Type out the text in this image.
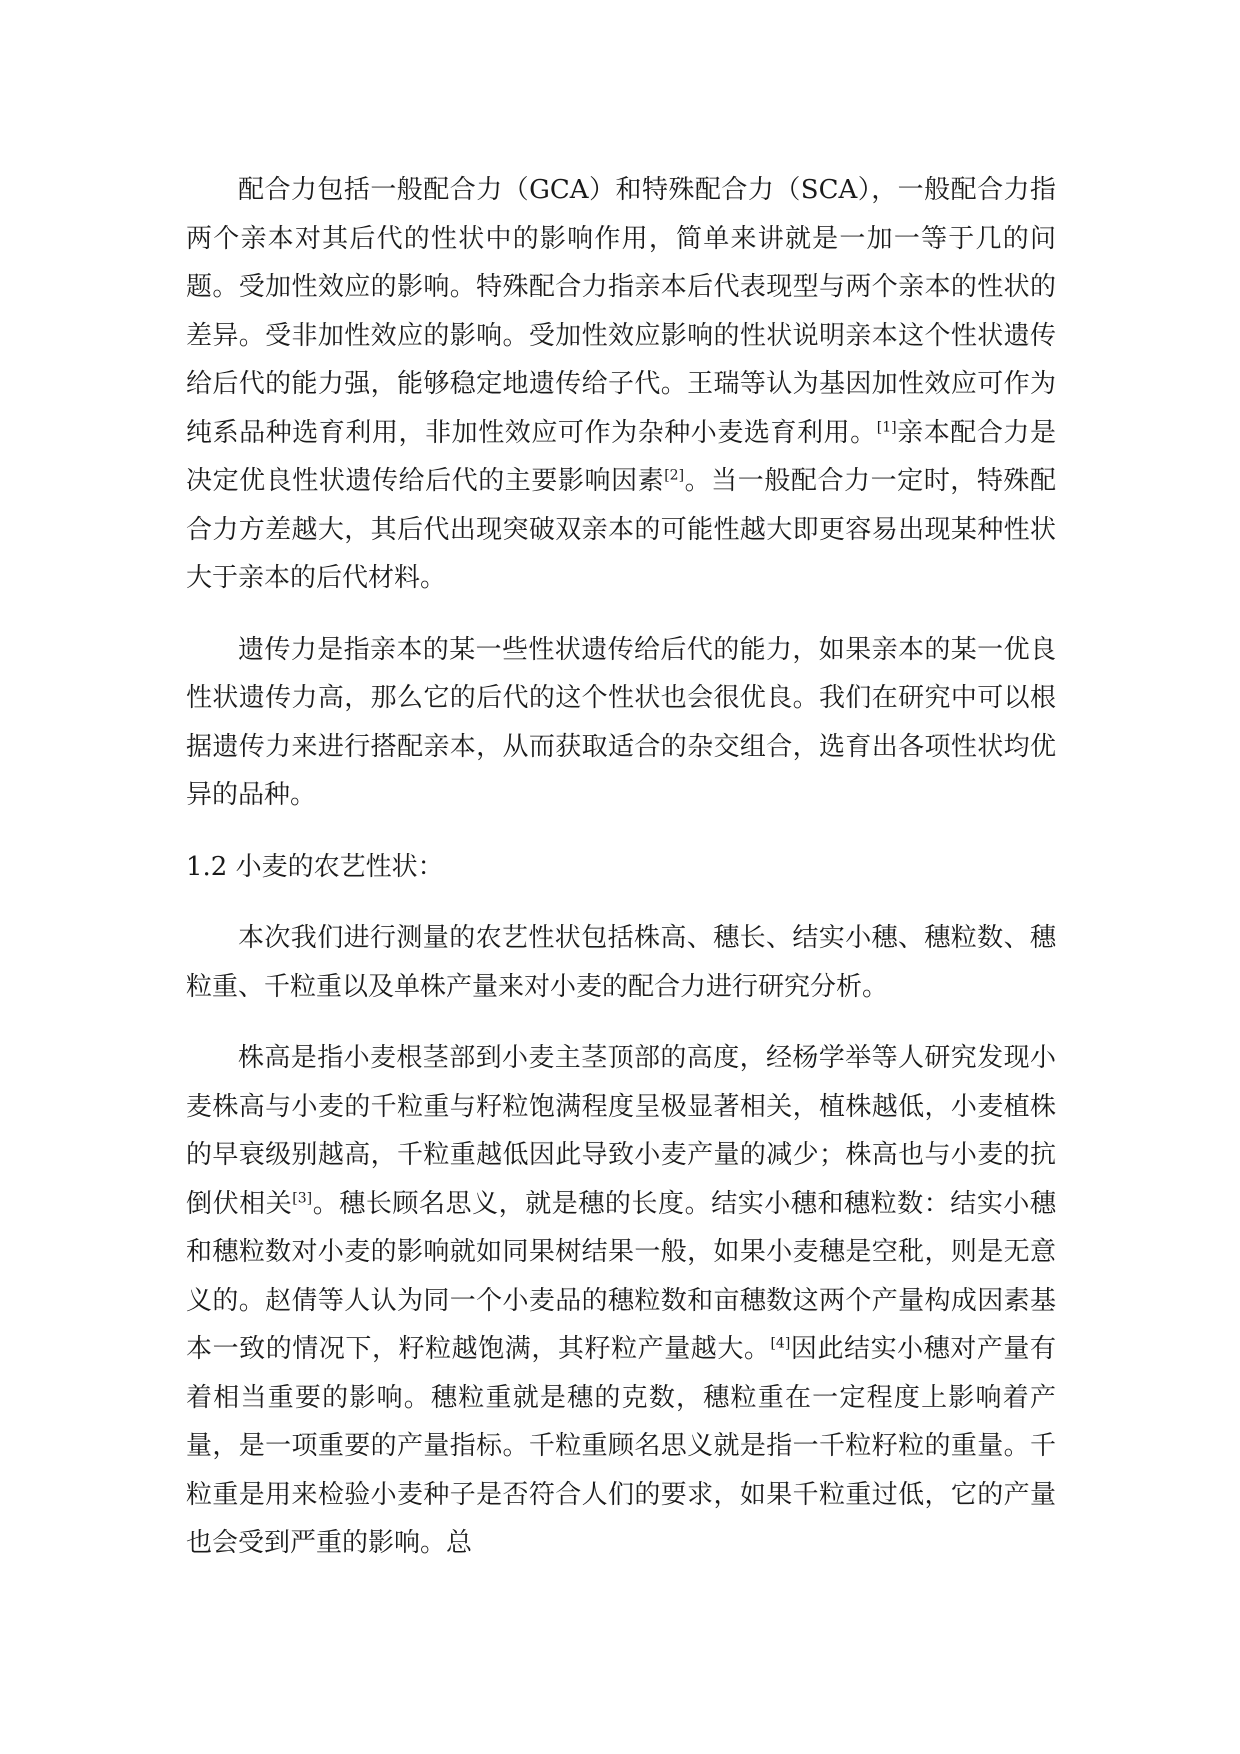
配合力包括一般配合力（GCA）和特殊配合力（SCA），一般配合力指两个亲本对其后代的性状中的影响作用，简单来讲就是一加一等于几的问题。受加性效应的影响。特殊配合力指亲本后代表现型与两个亲本的性状的差异。受非加性效应的影响。受加性效应影响的性状说明亲本这个性状遗传给后代的能力强，能够稳定地遗传给子代。王瑞等认为基因加性效应可作为纯系品种选育利用，非加性效应可作为杂种小麦选育利用。[1]亲本配合力是决定优良性状遗传给后代的主要影响因素[2]。当一般配合力一定时，特殊配合力方差越大，其后代出现突破双亲本的可能性越大即更容易出现某种性状大于亲本的后代材料。

遗传力是指亲本的某一些性状遗传给后代的能力，如果亲本的某一优良性状遗传力高，那么它的后代的这个性状也会很优良。我们在研究中可以根据遗传力来进行搭配亲本，从而获取适合的杂交组合，选育出各项性状均优异的品种。

1.2 小麦的农艺性状：

本次我们进行测量的农艺性状包括株高、穗长、结实小穗、穗粒数、穗粒重、千粒重以及单株产量来对小麦的配合力进行研究分析。

株高是指小麦根茎部到小麦主茎顶部的高度，经杨学举等人研究发现小麦株高与小麦的千粒重与籽粒饱满程度呈极显著相关，植株越低，小麦植株的早衰级别越高，千粒重越低因此导致小麦产量的减少；株高也与小麦的抗倒伏相关[3]。穗长顾名思义，就是穗的长度。结实小穗和穗粒数：结实小穗和穗粒数对小麦的影响就如同果树结果一般，如果小麦穗是空秕，则是无意义的。赵倩等人认为同一个小麦品的穗粒数和亩穗数这两个产量构成因素基本一致的情况下，籽粒越饱满，其籽粒产量越大。[4]因此结实小穗对产量有着相当重要的影响。穗粒重就是穗的克数，穗粒重在一定程度上影响着产量，是一项重要的产量指标。千粒重顾名思义就是指一千粒籽粒的重量。千粒重是用来检验小麦种子是否符合人们的要求，如果千粒重过低，它的产量也会受到严重的影响。总
